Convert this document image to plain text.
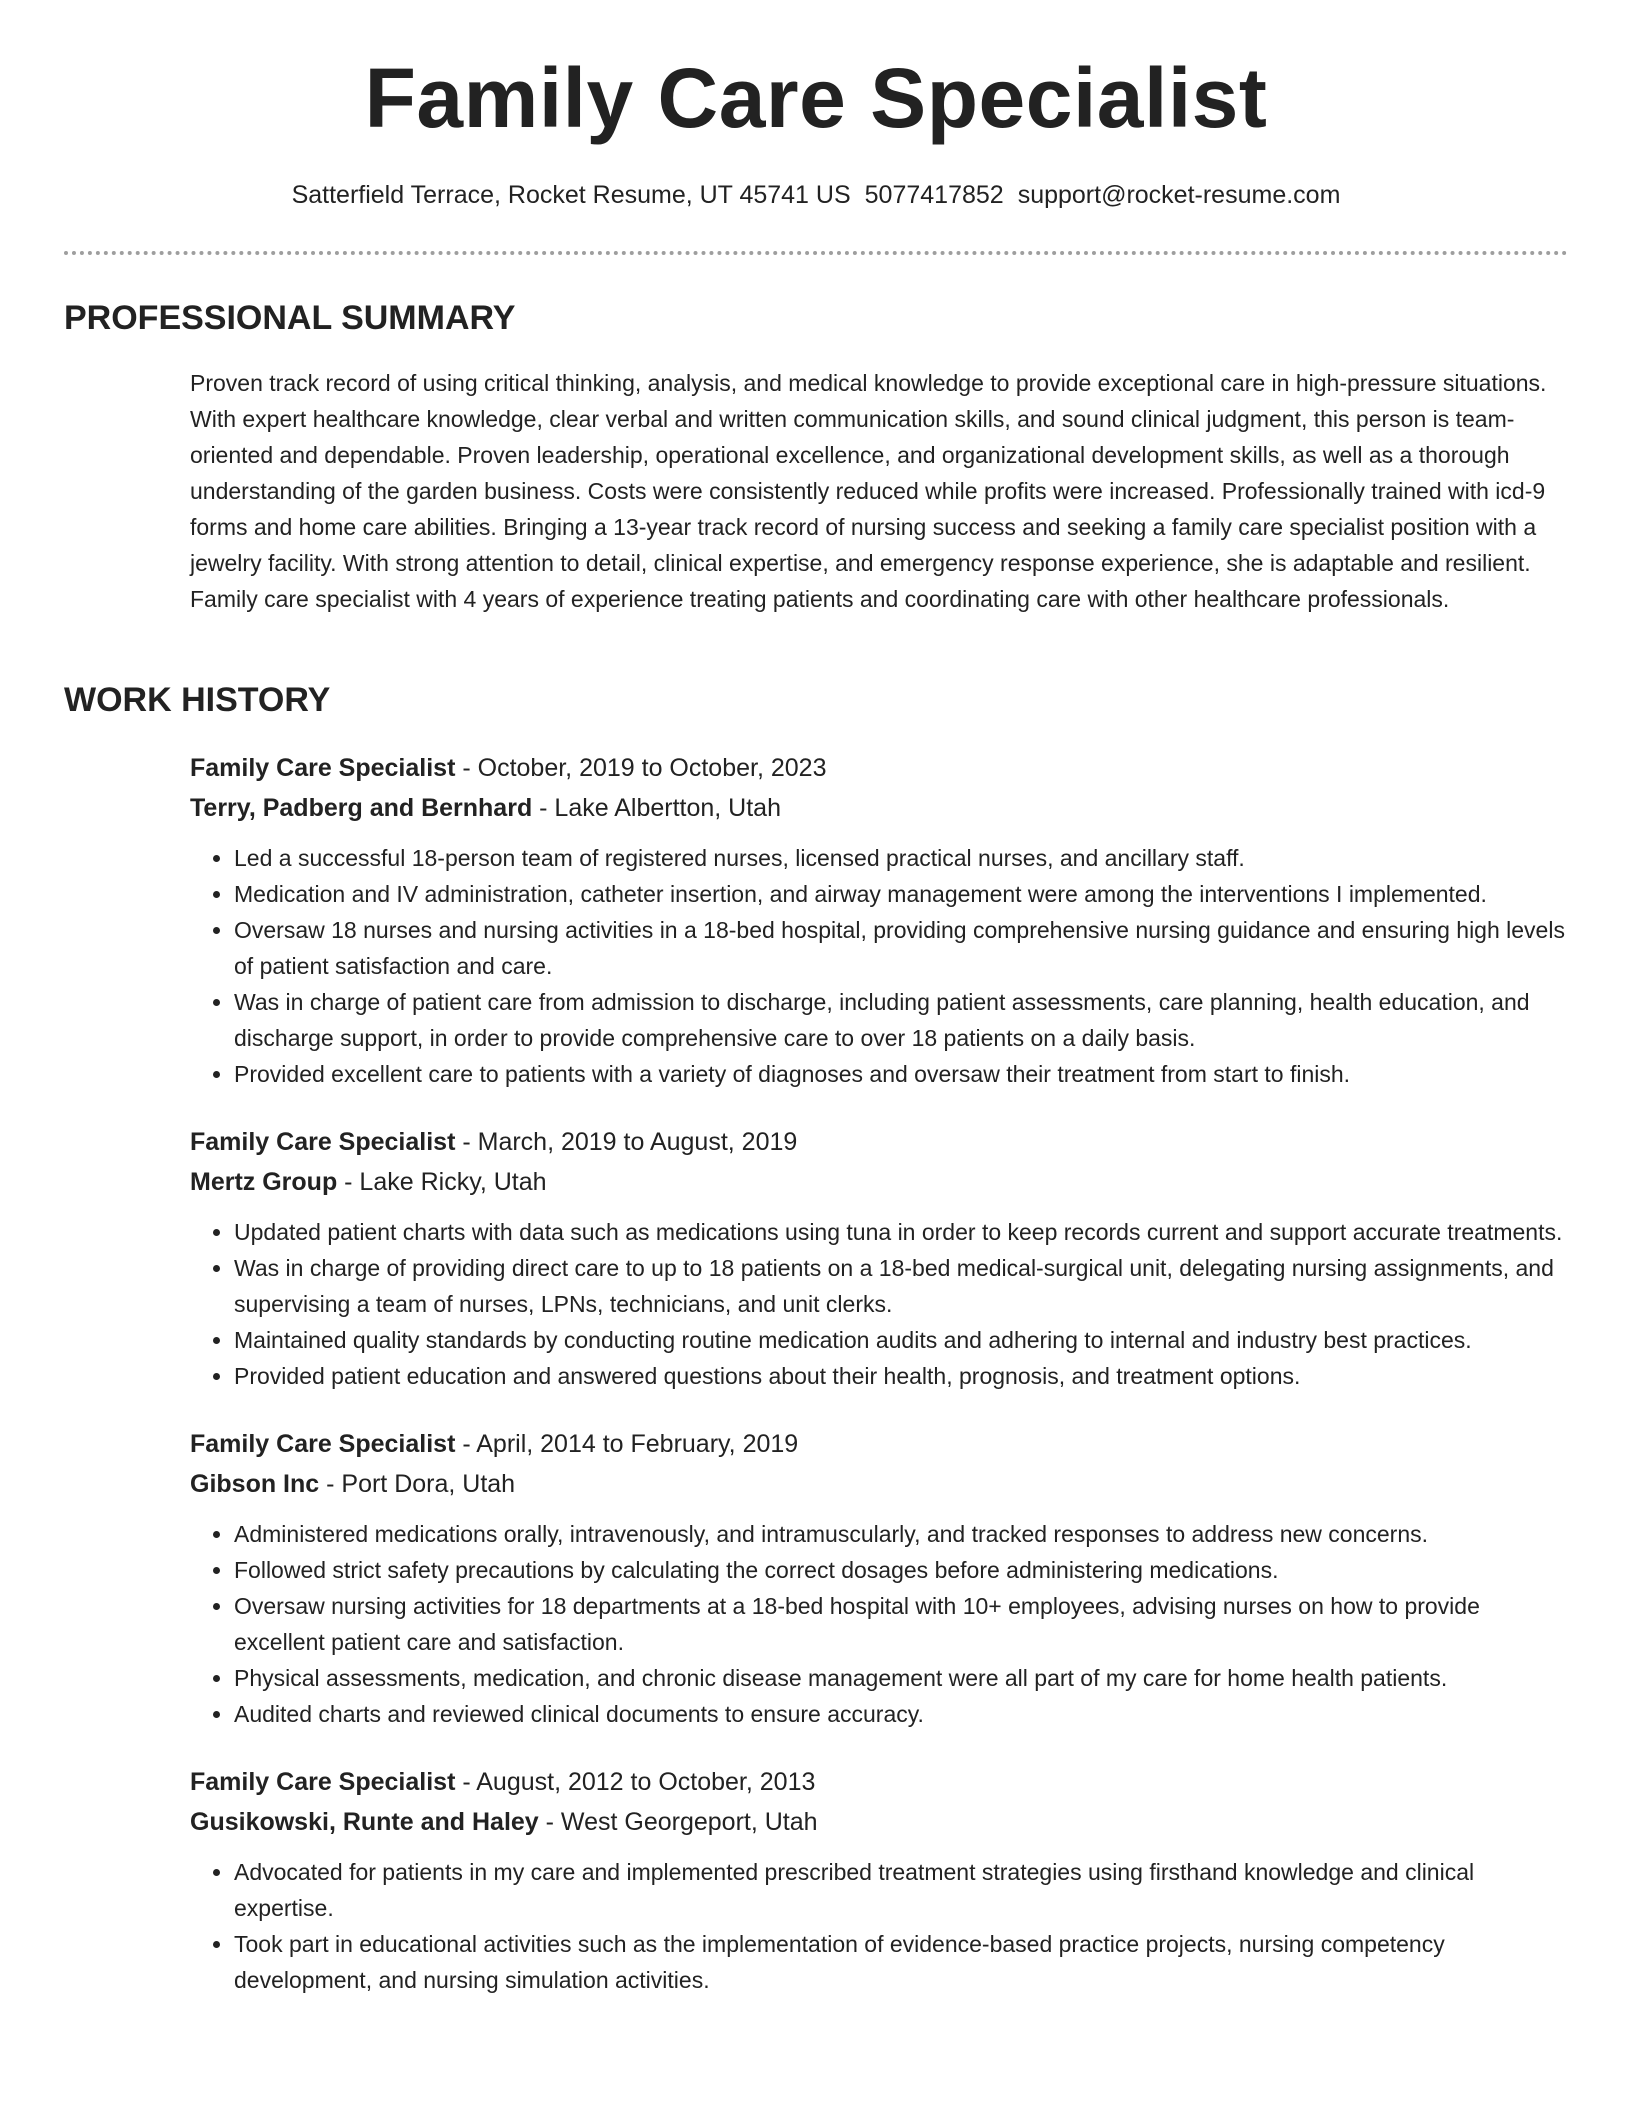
Family Care Specialist
Satterfield Terrace, Rocket Resume, UT 45741 US 5077417852 support@rocket-resume.com
PROFESSIONAL SUMMARY

Proven track record of using critical thinking, analysis, and medical knowledge to provide exceptional care in high-pressure situations. With expert healthcare knowledge, clear verbal and written communication skills, and sound clinical judgment, this person is team-oriented and dependable. Proven leadership, operational excellence, and organizational development skills, as well as a thorough understanding of the garden business. Costs were consistently reduced while profits were increased. Professionally trained with icd-9 forms and home care abilities. Bringing a 13-year track record of nursing success and seeking a family care specialist position with a jewelry facility. With strong attention to detail, clinical expertise, and emergency response experience, she is adaptable and resilient. Family care specialist with 4 years of experience treating patients and coordinating care with other healthcare professionals.

WORK HISTORY
Family Care Specialist - October, 2019 to October, 2023
Terry, Padberg and Bernhard - Lake Albertton, Utah
• Led a successful 18-person team of registered nurses, licensed practical nurses, and ancillary staff.
• Medication and IV administration, catheter insertion, and airway management were among the interventions I implemented.
• Oversaw 18 nurses and nursing activities in a 18-bed hospital, providing comprehensive nursing guidance and ensuring high levels of patient satisfaction and care.
• Was in charge of patient care from admission to discharge, including patient assessments, care planning, health education, and discharge support, in order to provide comprehensive care to over 18 patients on a daily basis.
• Provided excellent care to patients with a variety of diagnoses and oversaw their treatment from start to finish.
Family Care Specialist - March, 2019 to August, 2019
Mertz Group - Lake Ricky, Utah
• Updated patient charts with data such as medications using tuna in order to keep records current and support accurate treatments.
• Was in charge of providing direct care to up to 18 patients on a 18-bed medical-surgical unit, delegating nursing assignments, and supervising a team of nurses, LPNs, technicians, and unit clerks.
• Maintained quality standards by conducting routine medication audits and adhering to internal and industry best practices.
• Provided patient education and answered questions about their health, prognosis, and treatment options.
Family Care Specialist - April, 2014 to February, 2019
Gibson Inc - Port Dora, Utah
• Administered medications orally, intravenously, and intramuscularly, and tracked responses to address new concerns.
• Followed strict safety precautions by calculating the correct dosages before administering medications.
• Oversaw nursing activities for 18 departments at a 18-bed hospital with 10+ employees, advising nurses on how to provide excellent patient care and satisfaction.
• Physical assessments, medication, and chronic disease management were all part of my care for home health patients.
• Audited charts and reviewed clinical documents to ensure accuracy.
Family Care Specialist - August, 2012 to October, 2013
Gusikowski, Runte and Haley - West Georgeport, Utah
• Advocated for patients in my care and implemented prescribed treatment strategies using firsthand knowledge and clinical expertise.
• Took part in educational activities such as the implementation of evidence-based practice projects, nursing competency development, and nursing simulation activities.
